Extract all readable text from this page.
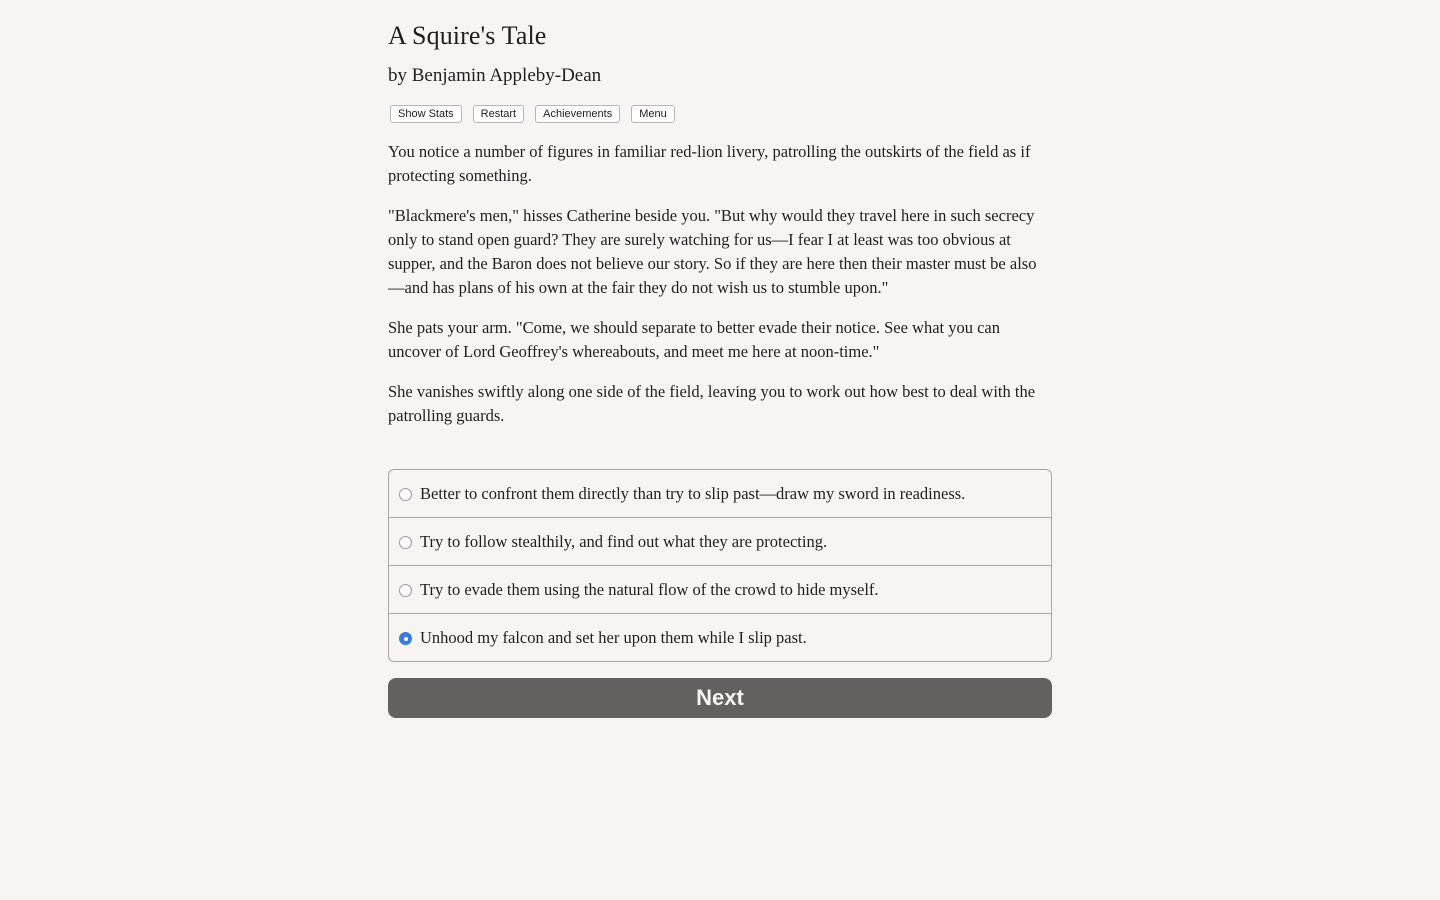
A Squire's Tale
by Benjamin Appleby-Dean
Show Stats	Restart	Achievements	Menu

You notice a number of figures in familiar red-lion livery, patrolling the outskirts of the field as if protecting something.

"Blackmere's men," hisses Catherine beside you. "But why would they travel here in such secrecy only to stand open guard? They are surely watching for us—I fear I at least was too obvious at supper, and the Baron does not believe our story. So if they are here then their master must be also—and has plans of his own at the fair they do not wish us to stumble upon."

She pats your arm. "Come, we should separate to better evade their notice. See what you can uncover of Lord Geoffrey's whereabouts, and meet me here at noon-time."

She vanishes swiftly along one side of the field, leaving you to work out how best to deal with the patrolling guards.

Better to confront them directly than try to slip past—draw my sword in readiness.
Try to follow stealthily, and find out what they are protecting.
Try to evade them using the natural flow of the crowd to hide myself.
Unhood my falcon and set her upon them while I slip past.
Next
